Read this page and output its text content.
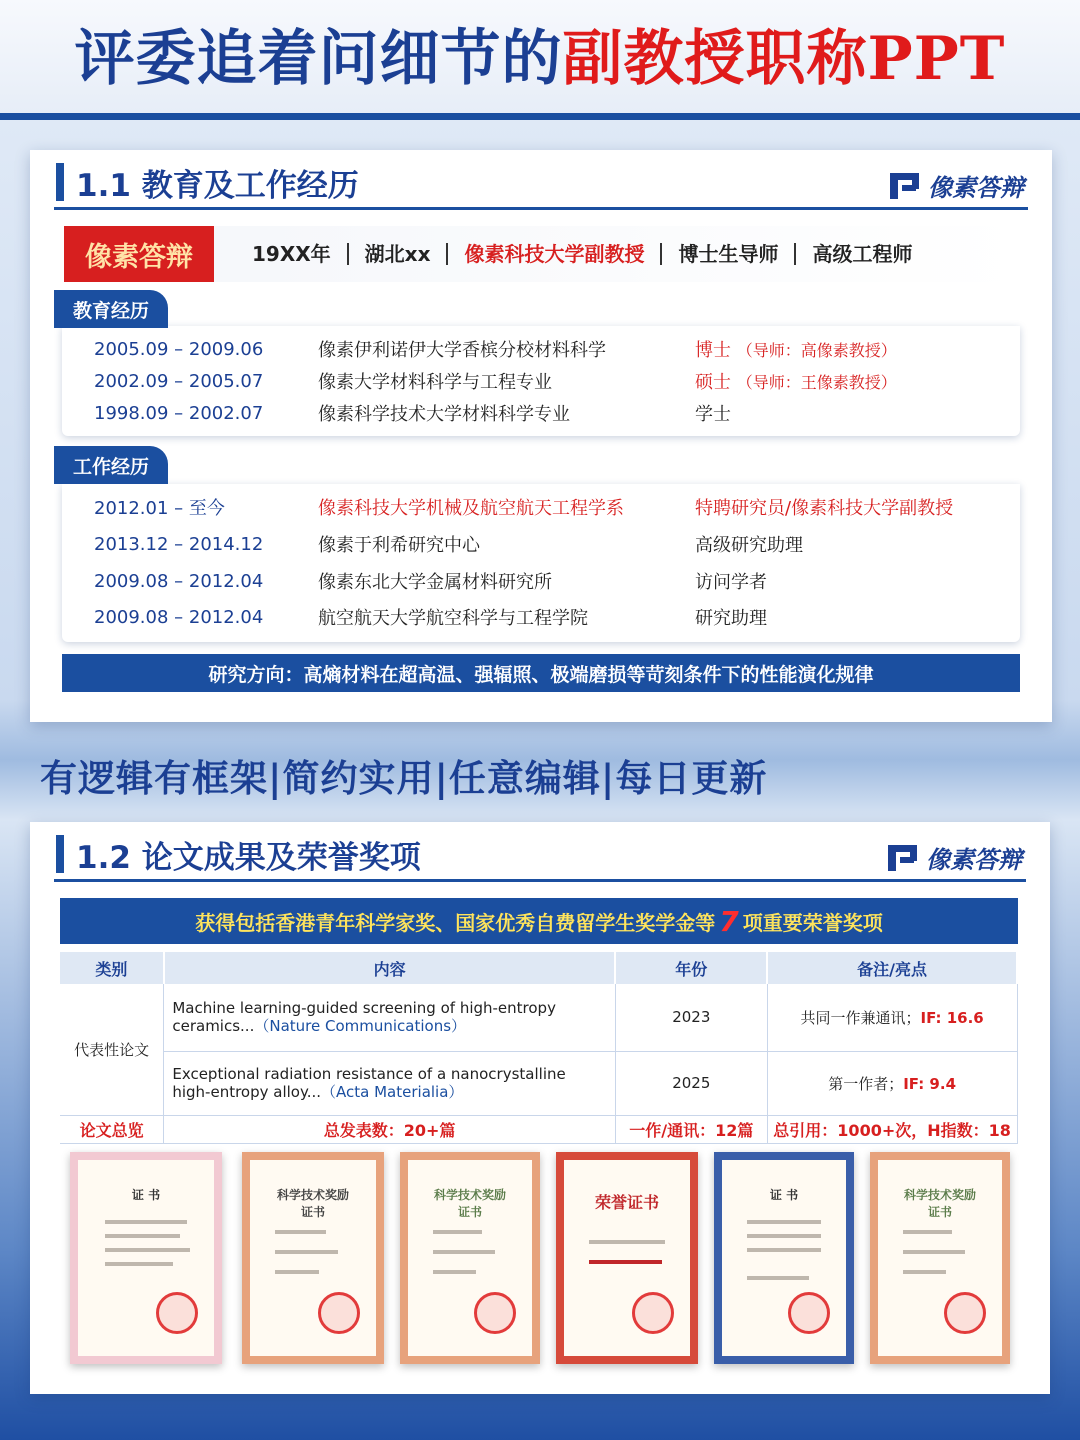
评委追着问细节的副教授职称PPT
1.1 教育及工作经历	像素答辩
像素答辩	19XX年	湖北xx	像素科技大学副教授	博士生导师	高级工程师
2005.09 – 2009.06	像素伊利诺伊大学香槟分校材料科学	博士 （导师：高像素教授）
2002.09 – 2005.07	像素大学材料科学与工程专业	硕士 （导师：王像素教授）
1998.09 – 2002.07	像素科学技术大学材料科学专业	学士
教育经历
2012.01 – 至今	像素科技大学机械及航空航天工程学系	特聘研究员/像素科技大学副教授
2013.12 – 2014.12	像素于利希研究中心	高级研究助理
2009.08 – 2012.04	像素东北大学金属材料研究所	访问学者
2009.08 – 2012.04	航空航天大学航空科学与工程学院	研究助理
工作经历
研究方向：高熵材料在超高温、强辐照、极端磨损等苛刻条件下的性能演化规律
有逻辑有框架|简约实用|任意编辑|每日更新
1.2 论文成果及荣誉奖项	像素答辩
获得包括香港青年科学家奖、国家优秀自费留学生奖学金等 7 项重要荣誉奖项
类别	内容	年份	备注/亮点
代表性论文	Machine learning-guided screening of high-entropy ceramics...（Nature Communications）	2023	共同一作兼通讯；IF: 16.6
	Exceptional radiation resistance of a nanocrystalline high-entropy alloy...（Acta Materialia）	2025	第一作者；IF: 9.4
论文总览	总发表数：20+篇	一作/通讯：12篇	总引用：1000+次，H指数：18
证 书	科学技术奖励证书
科学技术奖励证书	荣誉证书	证 书	科学技术奖励证书
